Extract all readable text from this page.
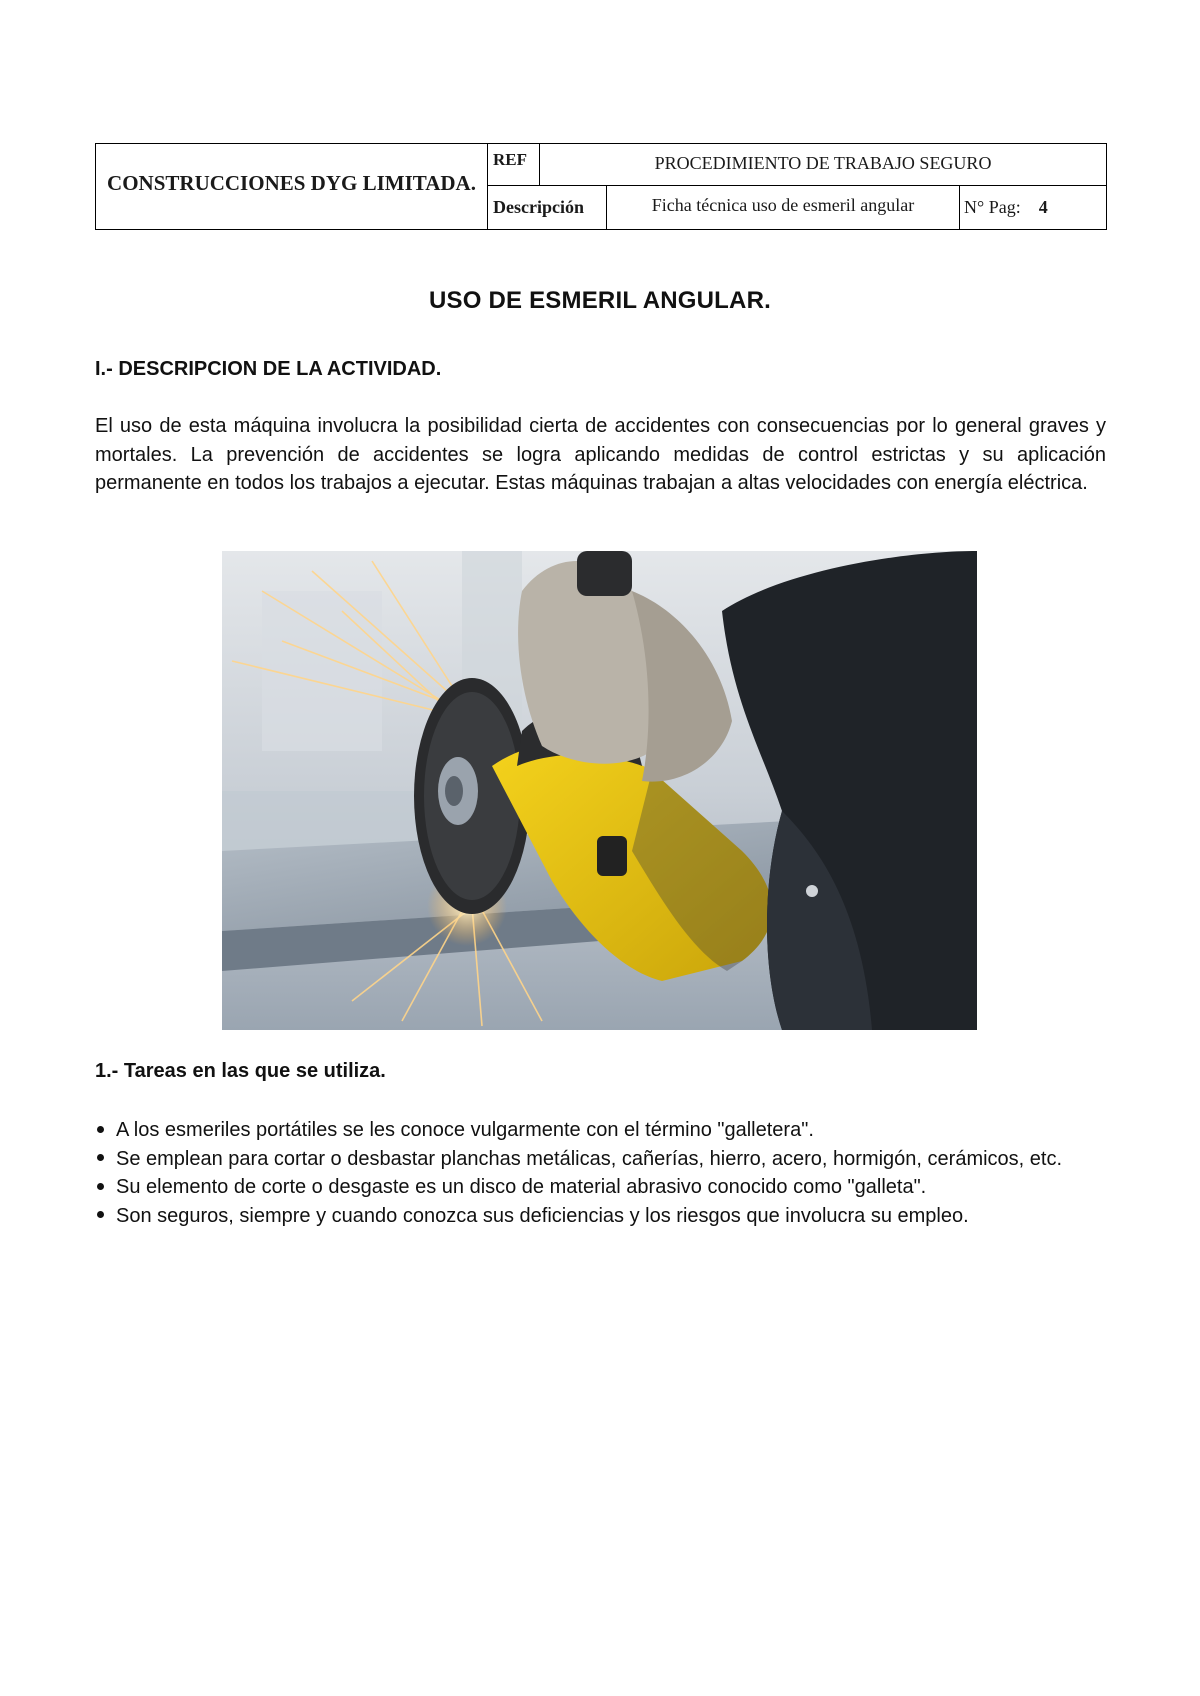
CONSTRUCCIONES DYG LIMITADA.	REF	PROCEDIMIENTO DE TRABAJO SEGURO		
	Descripción		Ficha técnica uso de esmeril angular	N° Pag: 4
USO DE ESMERIL ANGULAR.
I.- DESCRIPCION DE LA ACTIVIDAD.

El uso de esta máquina involucra la posibilidad cierta de accidentes con consecuencias por lo general graves y mortales. La prevención de accidentes se logra aplicando medidas de control estrictas y su aplicación permanente en todos los trabajos a ejecutar. Estas máquinas trabajan a altas velocidades con energía eléctrica.

1.- Tareas en las que se utiliza.
A los esmeriles portátiles se les conoce vulgarmente con el término "galletera".
Se emplean para cortar o desbastar planchas metálicas, cañerías, hierro, acero, hormigón, cerámicos, etc.
Su elemento de corte o desgaste es un disco de material abrasivo conocido como "galleta".
Son seguros, siempre y cuando conozca sus deficiencias y los riesgos que involucra su empleo.
